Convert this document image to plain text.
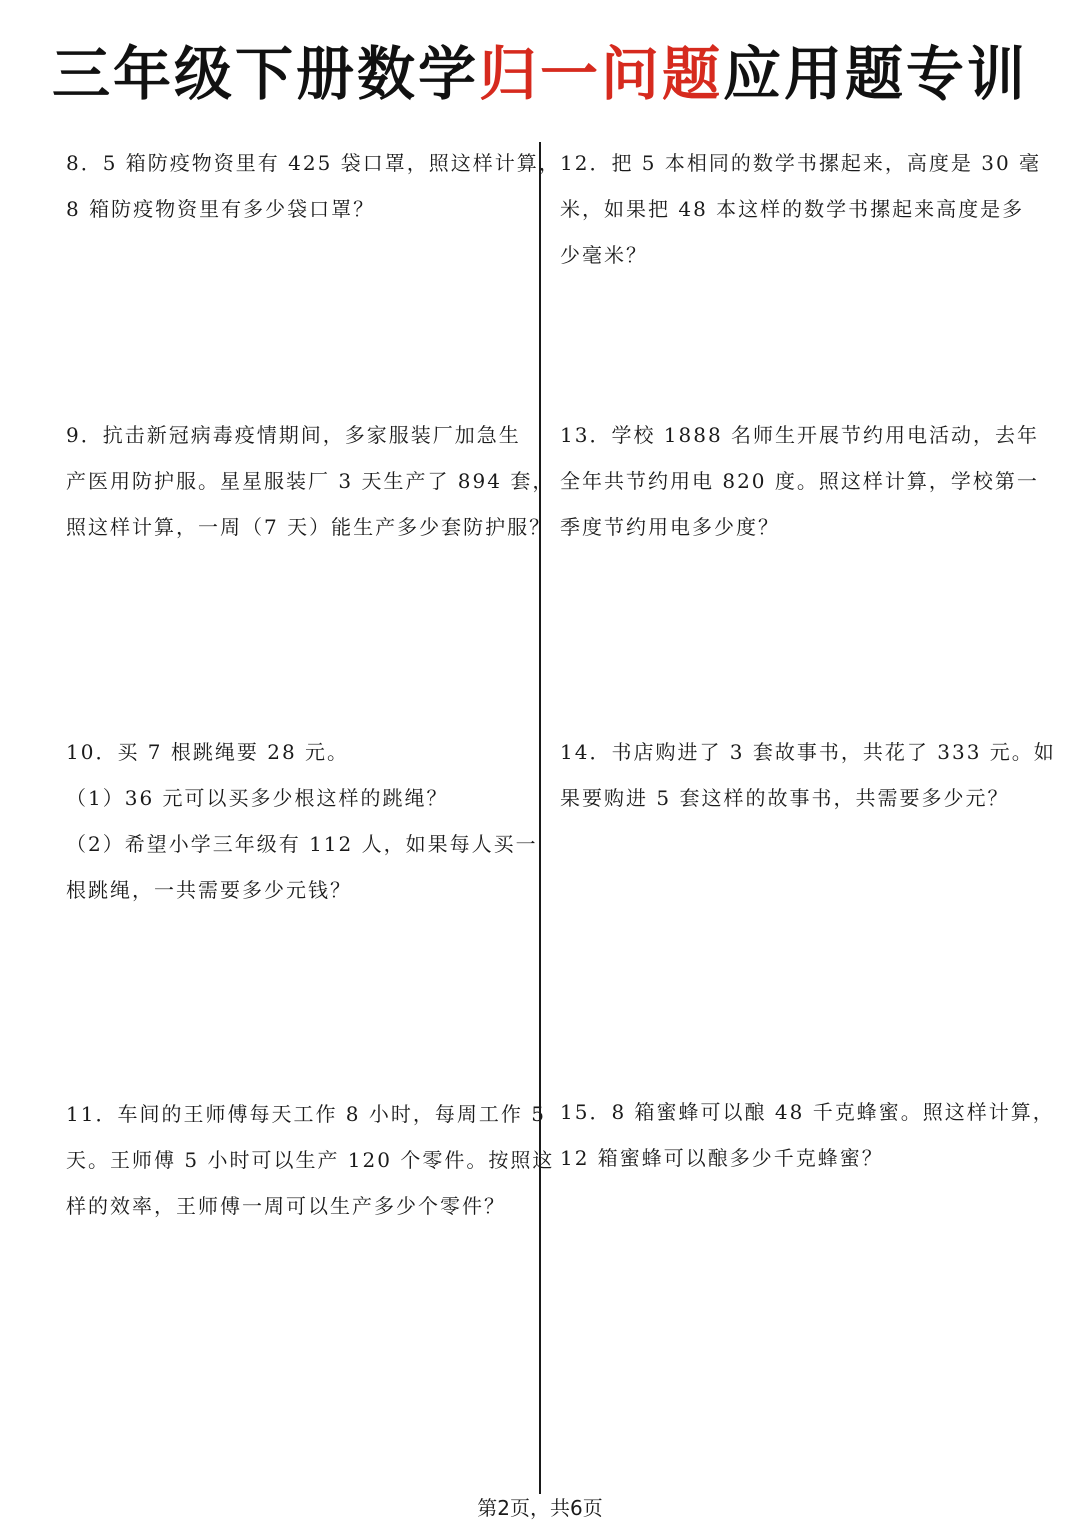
三年级下册数学归一问题应用题专训
8．5 箱防疫物资里有 425 袋口罩，照这样计算，
8 箱防疫物资里有多少袋口罩？
9．抗击新冠病毒疫情期间，多家服装厂加急生
产医用防护服。星星服装厂 3 天生产了 894 套，
照这样计算，一周（7 天）能生产多少套防护服？
10．买 7 根跳绳要 28 元。
（1）36 元可以买多少根这样的跳绳？
（2）希望小学三年级有 112 人，如果每人买一
根跳绳，一共需要多少元钱？
11．车间的王师傅每天工作 8 小时，每周工作 5
天。王师傅 5 小时可以生产 120 个零件。按照这
样的效率，王师傅一周可以生产多少个零件？
12．把 5 本相同的数学书摞起来，高度是 30 毫
米，如果把 48 本这样的数学书摞起来高度是多
少毫米？
13．学校 1888 名师生开展节约用电活动，去年
全年共节约用电 820 度。照这样计算，学校第一
季度节约用电多少度？
14．书店购进了 3 套故事书，共花了 333 元。如
果要购进 5 套这样的故事书，共需要多少元？
15．8 箱蜜蜂可以酿 48 千克蜂蜜。照这样计算，
12 箱蜜蜂可以酿多少千克蜂蜜？
第2页，共6页
